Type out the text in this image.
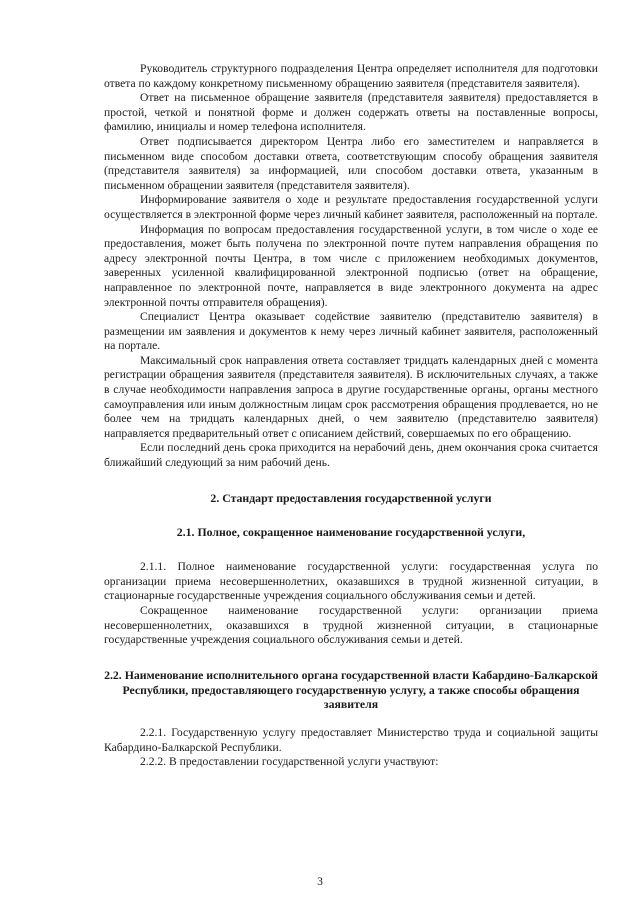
Руководитель структурного подразделения Центра определяет исполнителя для подготовки ответа по каждому конкретному письменному обращению заявителя (представителя заявителя).

Ответ на письменное обращение заявителя (представителя заявителя) предоставляется в простой, четкой и понятной форме и должен содержать ответы на поставленные вопросы, фамилию, инициалы и номер телефона исполнителя.

Ответ подписывается директором Центра либо его заместителем и направляется в письменном виде способом доставки ответа, соответствующим способу обращения заявителя (представителя заявителя) за информацией, или способом доставки ответа, указанным в письменном обращении заявителя (представителя заявителя).

Информирование заявителя о ходе и результате предоставления государственной услуги осуществляется в электронной форме через личный кабинет заявителя, расположенный на портале.

Информация по вопросам предоставления государственной услуги, в том числе о ходе ее предоставления, может быть получена по электронной почте путем направления обращения по адресу электронной почты Центра, в том числе с приложением необходимых документов, заверенных усиленной квалифицированной электронной подписью (ответ на обращение, направленное по электронной почте, направляется в виде электронного документа на адрес электронной почты отправителя обращения).

Специалист Центра оказывает содействие заявителю (представителю заявителя) в размещении им заявления и документов к нему через личный кабинет заявителя, расположенный на портале.

Максимальный срок направления ответа составляет тридцать календарных дней с момента регистрации обращения заявителя (представителя заявителя). В исключительных случаях, а также в случае необходимости направления запроса в другие государственные органы, органы местного самоуправления или иным должностным лицам срок рассмотрения обращения продлевается, но не более чем на тридцать календарных дней, о чем заявителю (представителю заявителя) направляется предварительный ответ с описанием действий, совершаемых по его обращению.

Если последний день срока приходится на нерабочий день, днем окончания срока считается ближайший следующий за ним рабочий день.

2. Стандарт предоставления государственной услуги
2.1. Полное, сокращенное наименование государственной услуги,

2.1.1. Полное наименование государственной услуги: государственная услуга по организации приема несовершеннолетних, оказавшихся в трудной жизненной ситуации, в стационарные государственные учреждения социального обслуживания семьи и детей.

Сокращенное наименование государственной услуги: организации приема несовершеннолетних, оказавшихся в трудной жизненной ситуации, в стационарные государственные учреждения социального обслуживания семьи и детей.

2.2. Наименование исполнительного органа государственной власти Кабардино-Балкарской Республики, предоставляющего государственную услугу, а также способы обращения заявителя

2.2.1. Государственную услугу предоставляет Министерство труда и социальной защиты Кабардино-Балкарской Республики.

2.2.2. В предоставлении государственной услуги участвуют:

3
